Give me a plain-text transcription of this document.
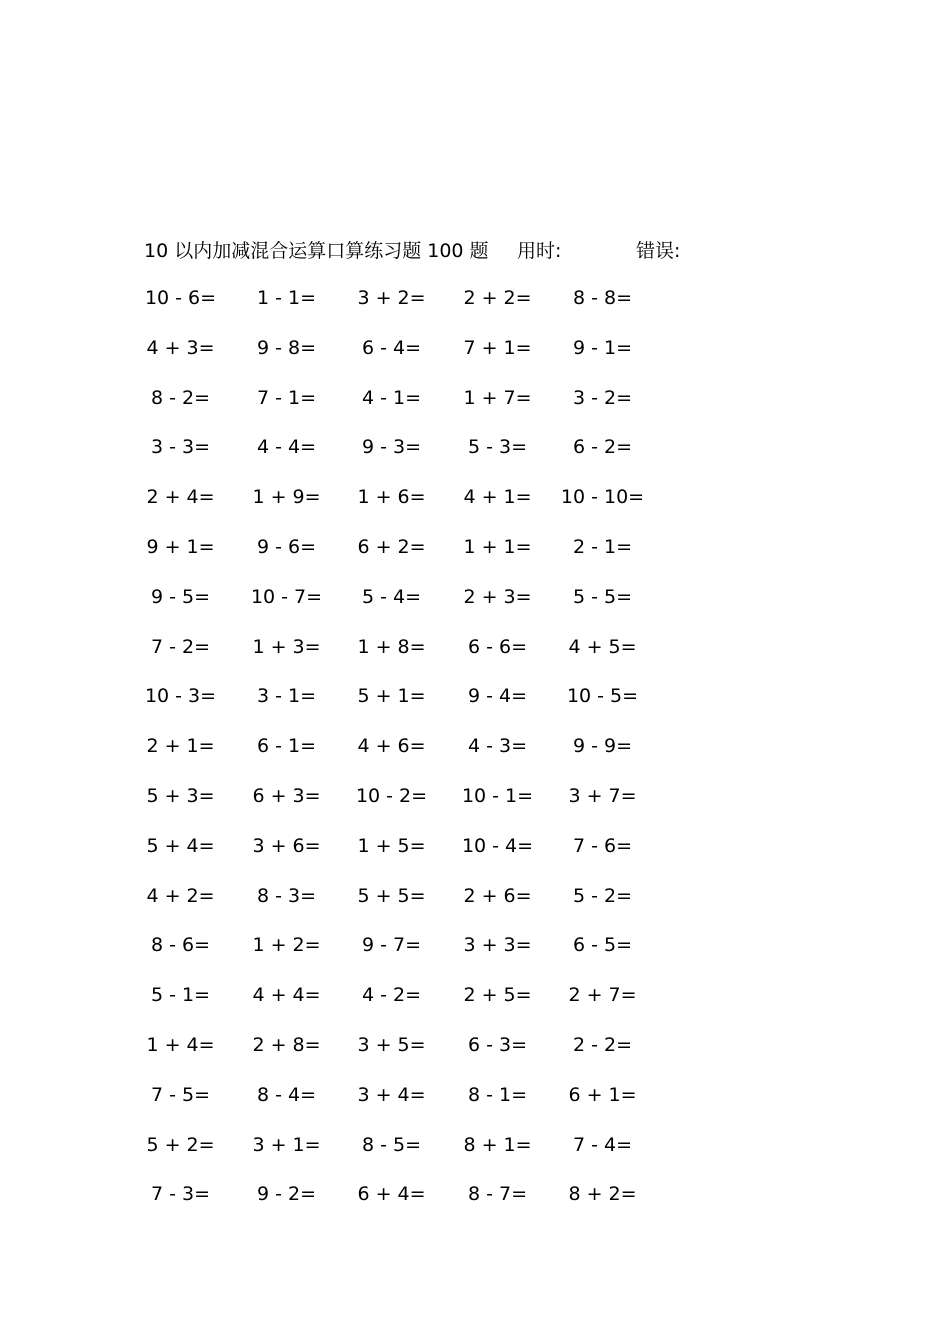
10 以内加减混合运算口算练习题 100 题 用时:	错误:
10 - 6=	1 - 1=	3 + 2=	2 + 2=	8 - 8=
4 + 3=	9 - 8=	6 - 4=	7 + 1=	9 - 1=
8 - 2=	7 - 1=	4 - 1=	1 + 7=	3 - 2=
3 - 3=	4 - 4=	9 - 3=	5 - 3=	6 - 2=
2 + 4=	1 + 9=	1 + 6=	4 + 1=	10 - 10=
9 + 1=	9 - 6=	6 + 2=	1 + 1=	2 - 1=
9 - 5=	10 - 7=	5 - 4=	2 + 3=	5 - 5=
7 - 2=	1 + 3=	1 + 8=	6 - 6=	4 + 5=
10 - 3=	3 - 1=	5 + 1=	9 - 4=	10 - 5=
2 + 1=	6 - 1=	4 + 6=	4 - 3=	9 - 9=
5 + 3=	6 + 3=	10 - 2=	10 - 1=	3 + 7=
5 + 4=	3 + 6=	1 + 5=	10 - 4=	7 - 6=
4 + 2=	8 - 3=	5 + 5=	2 + 6=	5 - 2=
8 - 6=	1 + 2=	9 - 7=	3 + 3=	6 - 5=
5 - 1=	4 + 4=	4 - 2=	2 + 5=	2 + 7=
1 + 4=	2 + 8=	3 + 5=	6 - 3=	2 - 2=
7 - 5=	8 - 4=	3 + 4=	8 - 1=	6 + 1=
5 + 2=	3 + 1=	8 - 5=	8 + 1=	7 - 4=
7 - 3=	9 - 2=	6 + 4=	8 - 7=	8 + 2=
